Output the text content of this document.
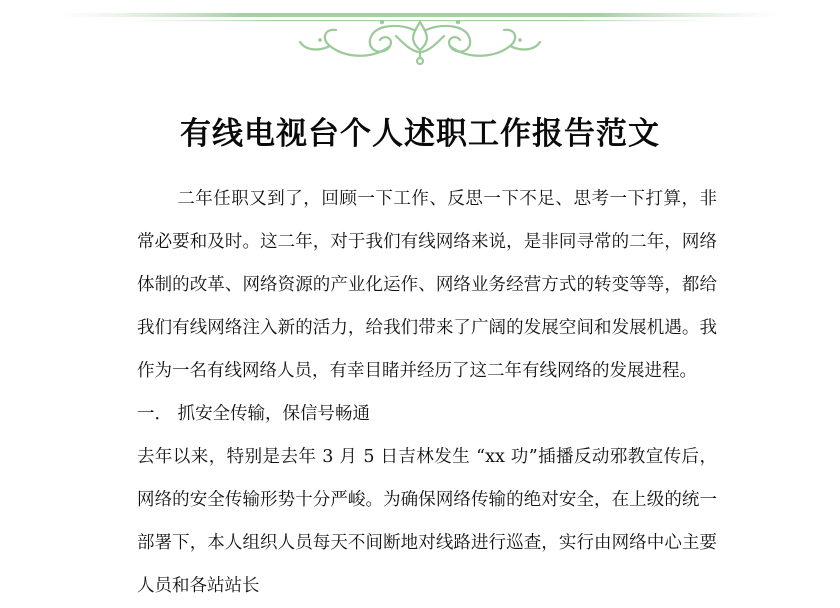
有线电视台个人述职工作报告范文

二年任职又到了，回顾一下工作、反思一下不足、思考一下打算，非常必要和及时。这二年，对于我们有线网络来说，是非同寻常的二年，网络体制的改革、网络资源的产业化运作、网络业务经营方式的转变等等，都给我们有线网络注入新的活力，给我们带来了广阔的发展空间和发展机遇。我作为一名有线网络人员，有幸目睹并经历了这二年有线网络的发展进程。

一． 抓安全传输，保信号畅通

去年以来，特别是去年 3 月 5 日吉林发生 “xx 功”插播反动邪教宣传后，网络的安全传输形势十分严峻。为确保网络传输的绝对安全，在上级的统一部署下，本人组织人员每天不间断地对线路进行巡查，实行由网络中心主要人员和各站站长
